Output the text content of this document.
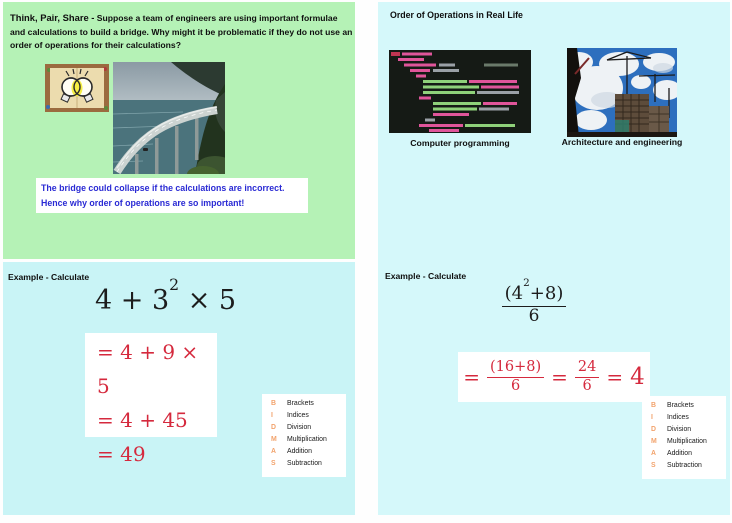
Think, Pair, Share - Suppose a team of engineers are using important formulae and calculations to build a bridge. Why might it be problematic if they do not use an order of operations for their calculations?

The bridge could collapse if the calculations are incorrect.
Hence why order of operations are so important!
Example - Calculate
$4 + 3^2 \times 5$
= 4 + 9 × 5
= 4 + 45
= 49
B	Brackets
I	Indices
D	Division
M	Multiplication
A	Addition
S	Subtraction
Order of Operations in Real Life
Computer programming	Architecture and engineering
Example - Calculate
$\frac{(4^2+8)}{6}$
= $\frac{(16+8)}{6} = \frac{24}{6} = 4$
B	Brackets
I	Indices
D	Division
M	Multiplication
A	Addition
S	Subtraction
